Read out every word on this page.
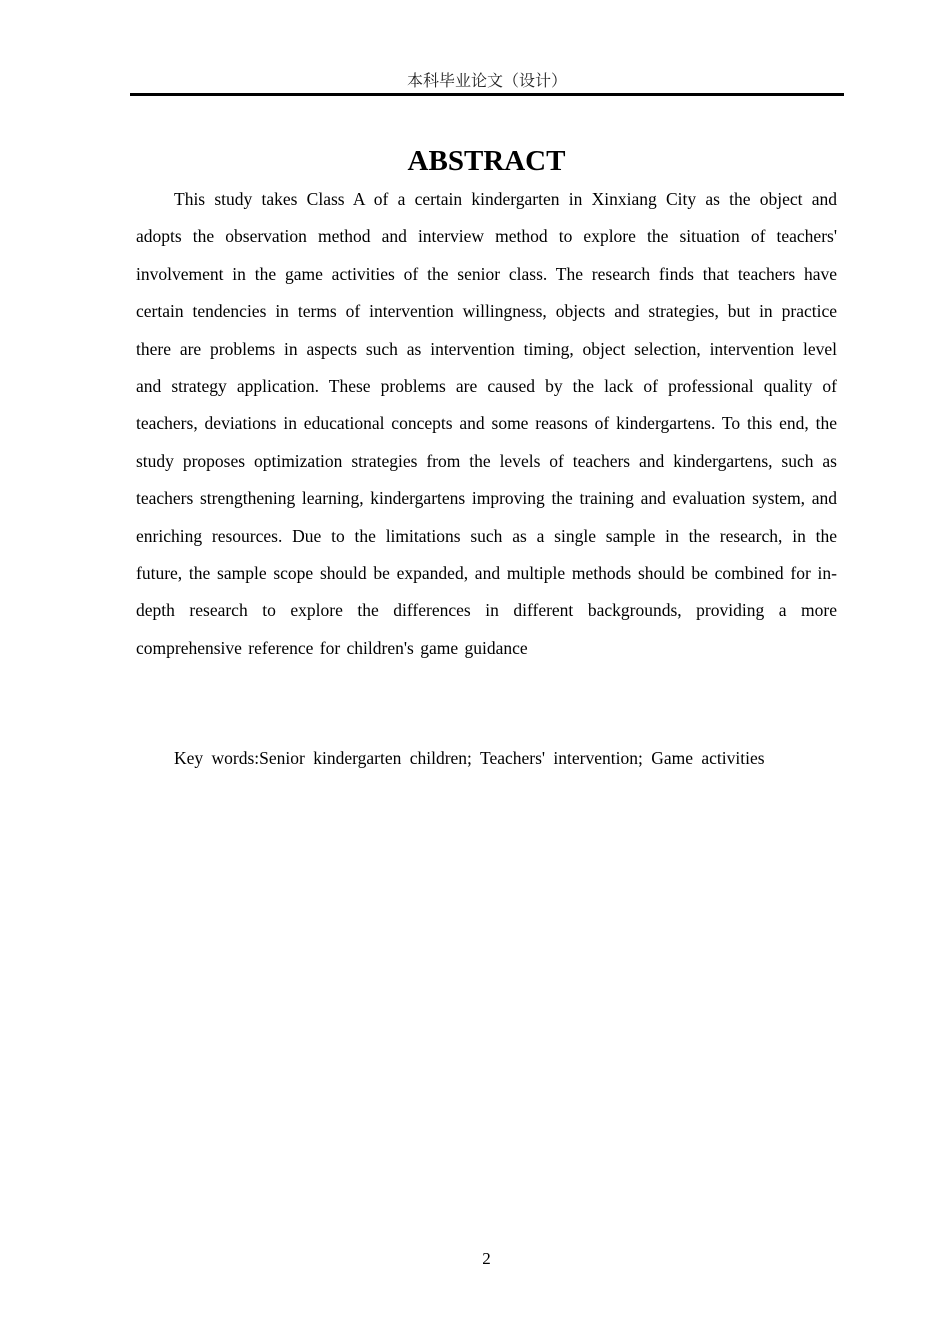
本科毕业论文（设计）
ABSTRACT

This study takes Class A of a certain kindergarten in Xinxiang City as the object and adopts the observation method and interview method to explore the situation of teachers' involvement in the game activities of the senior class. The research finds that teachers have certain tendencies in terms of intervention willingness, objects and strategies, but in practice there are problems in aspects such as intervention timing, object selection, intervention level and strategy application. These problems are caused by the lack of professional quality of teachers, deviations in educational concepts and some reasons of kindergartens. To this end, the study proposes optimization strategies from the levels of teachers and kindergartens, such as teachers strengthening learning, kindergartens improving the training and evaluation system, and enriching resources. Due to the limitations such as a single sample in the research, in the future, the sample scope should be expanded, and multiple methods should be combined for in-depth research to explore the differences in different backgrounds, providing a more comprehensive reference for children's game guidance

Key words:Senior kindergarten children; Teachers' intervention; Game activities

2
